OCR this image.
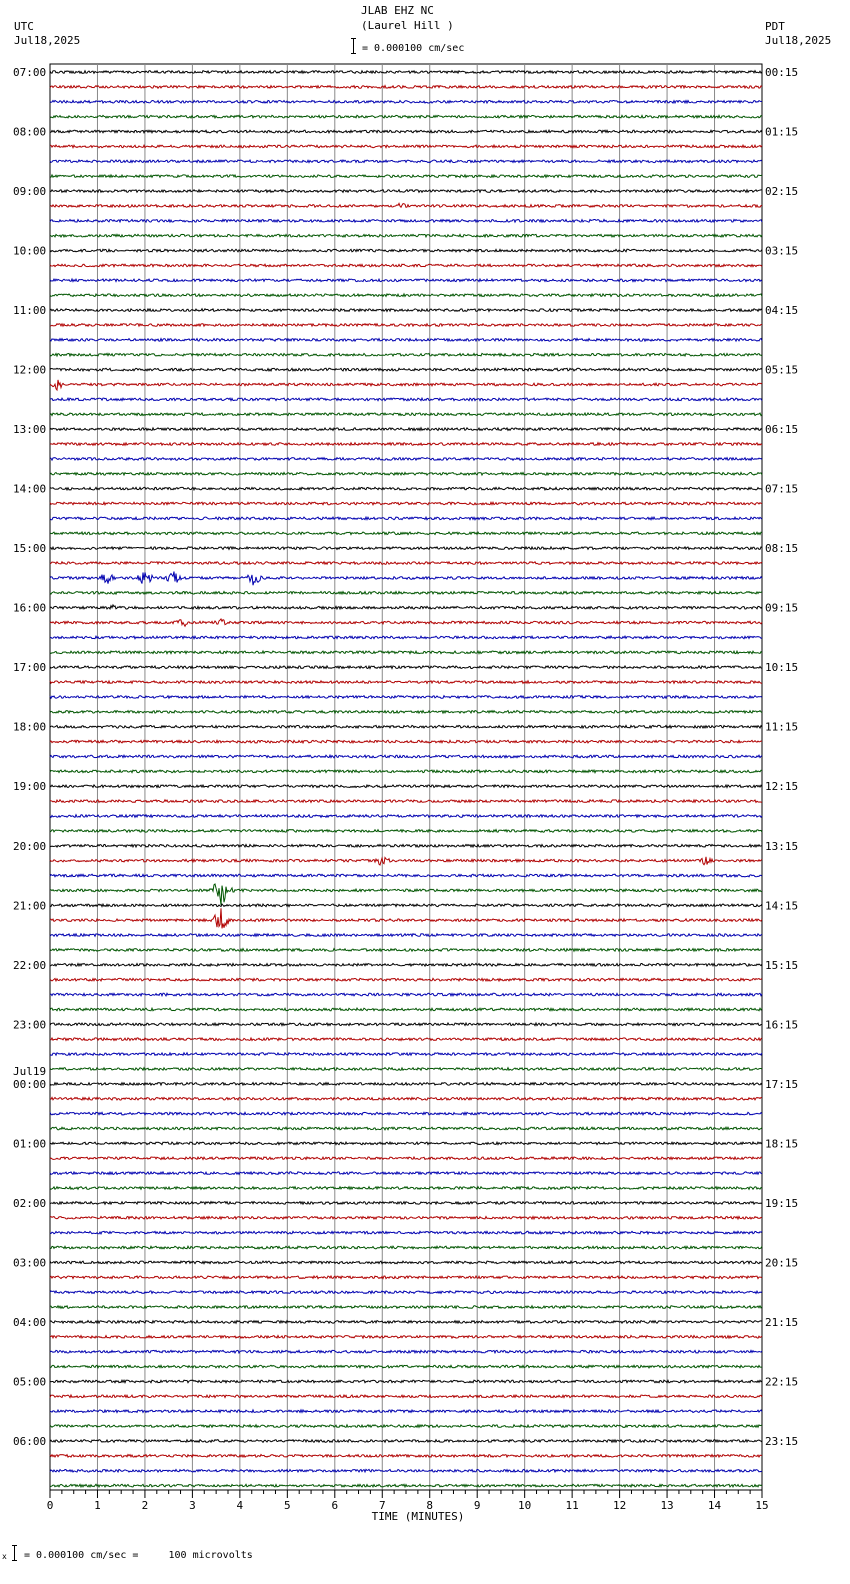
07:00	00:15
08:00	01:15
09:00	02:15
10:00	03:15
11:00	04:15
12:00	05:15
13:00	06:15
14:00	07:15
15:00	08:15
16:00	09:15
17:00	10:15
18:00	11:15
19:00	12:15
20:00	13:15
21:00	14:15
22:00	15:15
23:00	16:15
00:00	17:15
Jul19
01:00	18:15
02:00	19:15
03:00	20:15
04:00	21:15
05:00	22:15
06:00	23:15
0	1	2	3	4	5	6	7	8	9	10	11	12	13	14	15
TIME (MINUTES)
JLAB EHZ NC
(Laurel Hill )
= 0.000100 cm/sec
UTC
Jul18,2025
PDT
Jul18,2025
x = 0.000100 cm/sec =     100 microvolts
